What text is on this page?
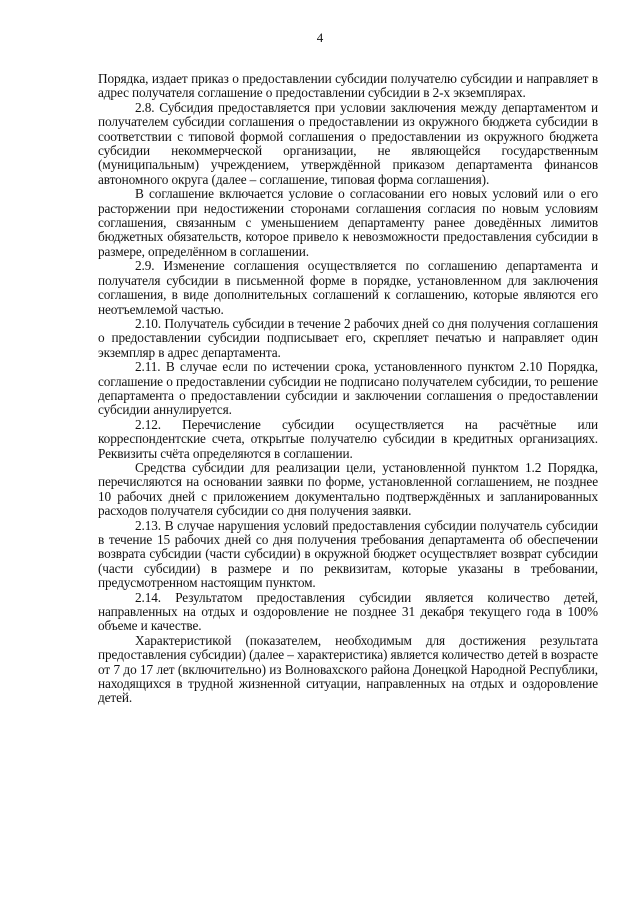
4

Порядка, издает приказ о предоставлении субсидии получателю субсидии и направляет в адрес получателя соглашение о предоставлении субсидии в 2-х экземплярах.

2.8. Субсидия предоставляется при условии заключения между департаментом и получателем субсидии соглашения о предоставлении из окружного бюджета субсидии в соответствии с типовой формой соглашения о предоставлении из окружного бюджета субсидии некоммерческой организации, не являющейся государственным (муниципальным) учреждением, утверждённой приказом департамента финансов автономного округа (далее – соглашение, типовая форма соглашения).

В соглашение включается условие о согласовании его новых условий или о его расторжении при недостижении сторонами соглашения согласия по новым условиям соглашения, связанным с уменьшением департаменту ранее доведённых лимитов бюджетных обязательств, которое привело к невозможности предоставления субсидии в размере, определённом в соглашении.

2.9. Изменение соглашения осуществляется по соглашению департамента и получателя субсидии в письменной форме в порядке, установленном для заключения соглашения, в виде дополнительных соглашений к соглашению, которые являются его неотъемлемой частью.

2.10. Получатель субсидии в течение 2 рабочих дней со дня получения соглашения о предоставлении субсидии подписывает его, скрепляет печатью и направляет один экземпляр в адрес департамента.

2.11. В случае если по истечении срока, установленного пунктом 2.10 Порядка, соглашение о предоставлении субсидии не подписано получателем субсидии, то решение департамента о предоставлении субсидии и заключении соглашения о предоставлении субсидии аннулируется.

2.12. Перечисление субсидии осуществляется на расчётные или корреспондентские счета, открытые получателю субсидии в кредитных организациях. Реквизиты счёта определяются в соглашении.

Средства субсидии для реализации цели, установленной пунктом 1.2 Порядка, перечисляются на основании заявки по форме, установленной соглашением, не позднее 10 рабочих дней с приложением документально подтверждённых и запланированных расходов получателя субсидии со дня получения заявки.

2.13. В случае нарушения условий предоставления субсидии получатель субсидии в течение 15 рабочих дней со дня получения требования департамента об обеспечении возврата субсидии (части субсидии) в окружной бюджет осуществляет возврат субсидии (части субсидии) в размере и по реквизитам, которые указаны в требовании, предусмотренном настоящим пунктом.

2.14. Результатом предоставления субсидии является количество детей, направленных на отдых и оздоровление не позднее 31 декабря текущего года в 100% объеме и качестве.

Характеристикой (показателем, необходимым для достижения результата предоставления субсидии) (далее – характеристика) является количество детей в возрасте от 7 до 17 лет (включительно) из Волновахского района Донецкой Народной Республики, находящихся в трудной жизненной ситуации, направленных на отдых и оздоровление детей.
